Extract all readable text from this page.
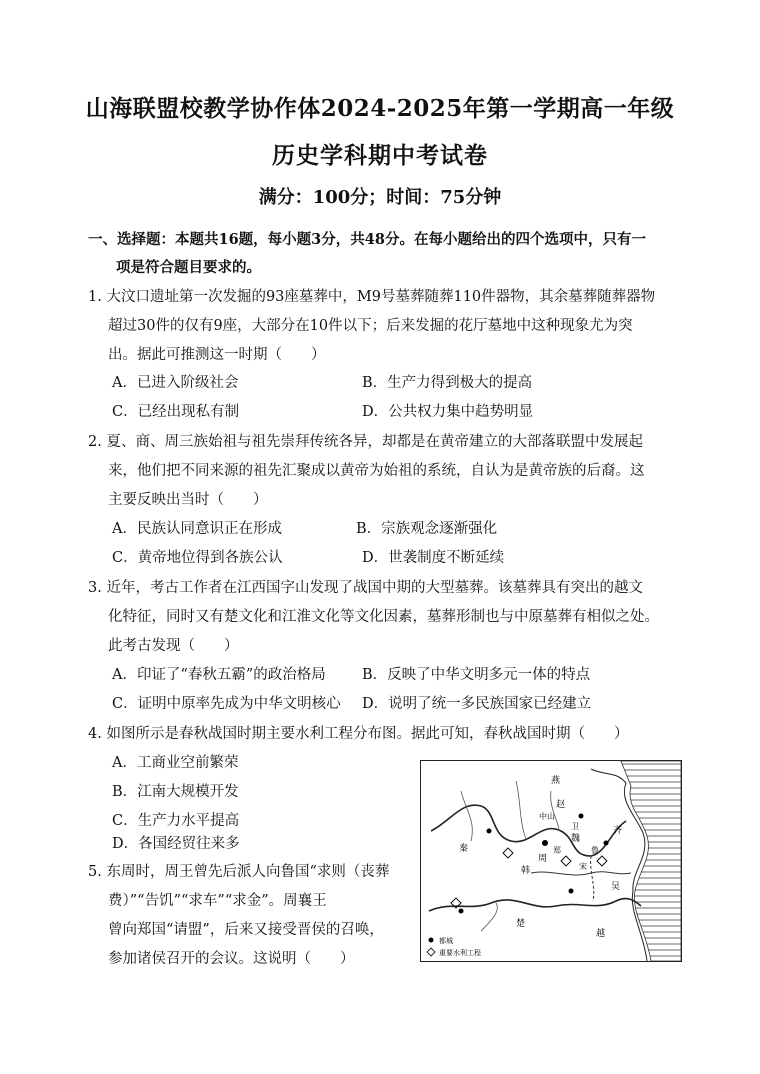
山海联盟校教学协作体2024-2025年第一学期高一年级
历史学科期中考试卷
满分：100分；时间：75分钟
一、选择题：本题共16题，每小题3分，共48分。在每小题给出的四个选项中，只有一
项是符合题目要求的。
1. 大汶口遗址第一次发掘的93座墓葬中，M9号墓葬随葬110件器物，其余墓葬随葬器物
超过30件的仅有9座，大部分在10件以下；后来发掘的花厅墓地中这种现象尤为突
出。据此可推测这一时期（　　）
A．已进入阶级社会	B．生产力得到极大的提高
C．已经出现私有制	D．公共权力集中趋势明显
2. 夏、商、周三族始祖与祖先崇拜传统各异，却都是在黄帝建立的大部落联盟中发展起
来，他们把不同来源的祖先汇聚成以黄帝为始祖的系统，自认为是黄帝族的后裔。这
主要反映出当时（　　）
A．民族认同意识正在形成	B．宗族观念逐渐强化
C．黄帝地位得到各族公认	D．世袭制度不断延续
3. 近年，考古工作者在江西国字山发现了战国中期的大型墓葬。该墓葬具有突出的越文
化特征，同时又有楚文化和江淮文化等文化因素，墓葬形制也与中原墓葬有相似之处。
此考古发现（　　）
A．印证了“春秋五霸”的政治格局 B．反映了中华文明多元一体的特点
C．证明中原率先成为中华文明核心 D．说明了统一多民族国家已经建立
4. 如图所示是春秋战国时期主要水利工程分布图。据此可知，春秋战国时期（　　）
A．工商业空前繁荣
B．江南大规模开发
C．生产力水平提高
D．各国经贸往来多
5. 东周时，周王曾先后派人向鲁国“求则（丧葬
费）”“告饥”“求车”“求金”。周襄王
曾向郑国“请盟”，后来又接受晋侯的召唤，
参加诸侯召开的会议。这说明（　　）
燕
赵
齐
秦
周
韩
魏
楚
越
吴
鲁
卫
宋
郑
中山
都城
重要水利工程
